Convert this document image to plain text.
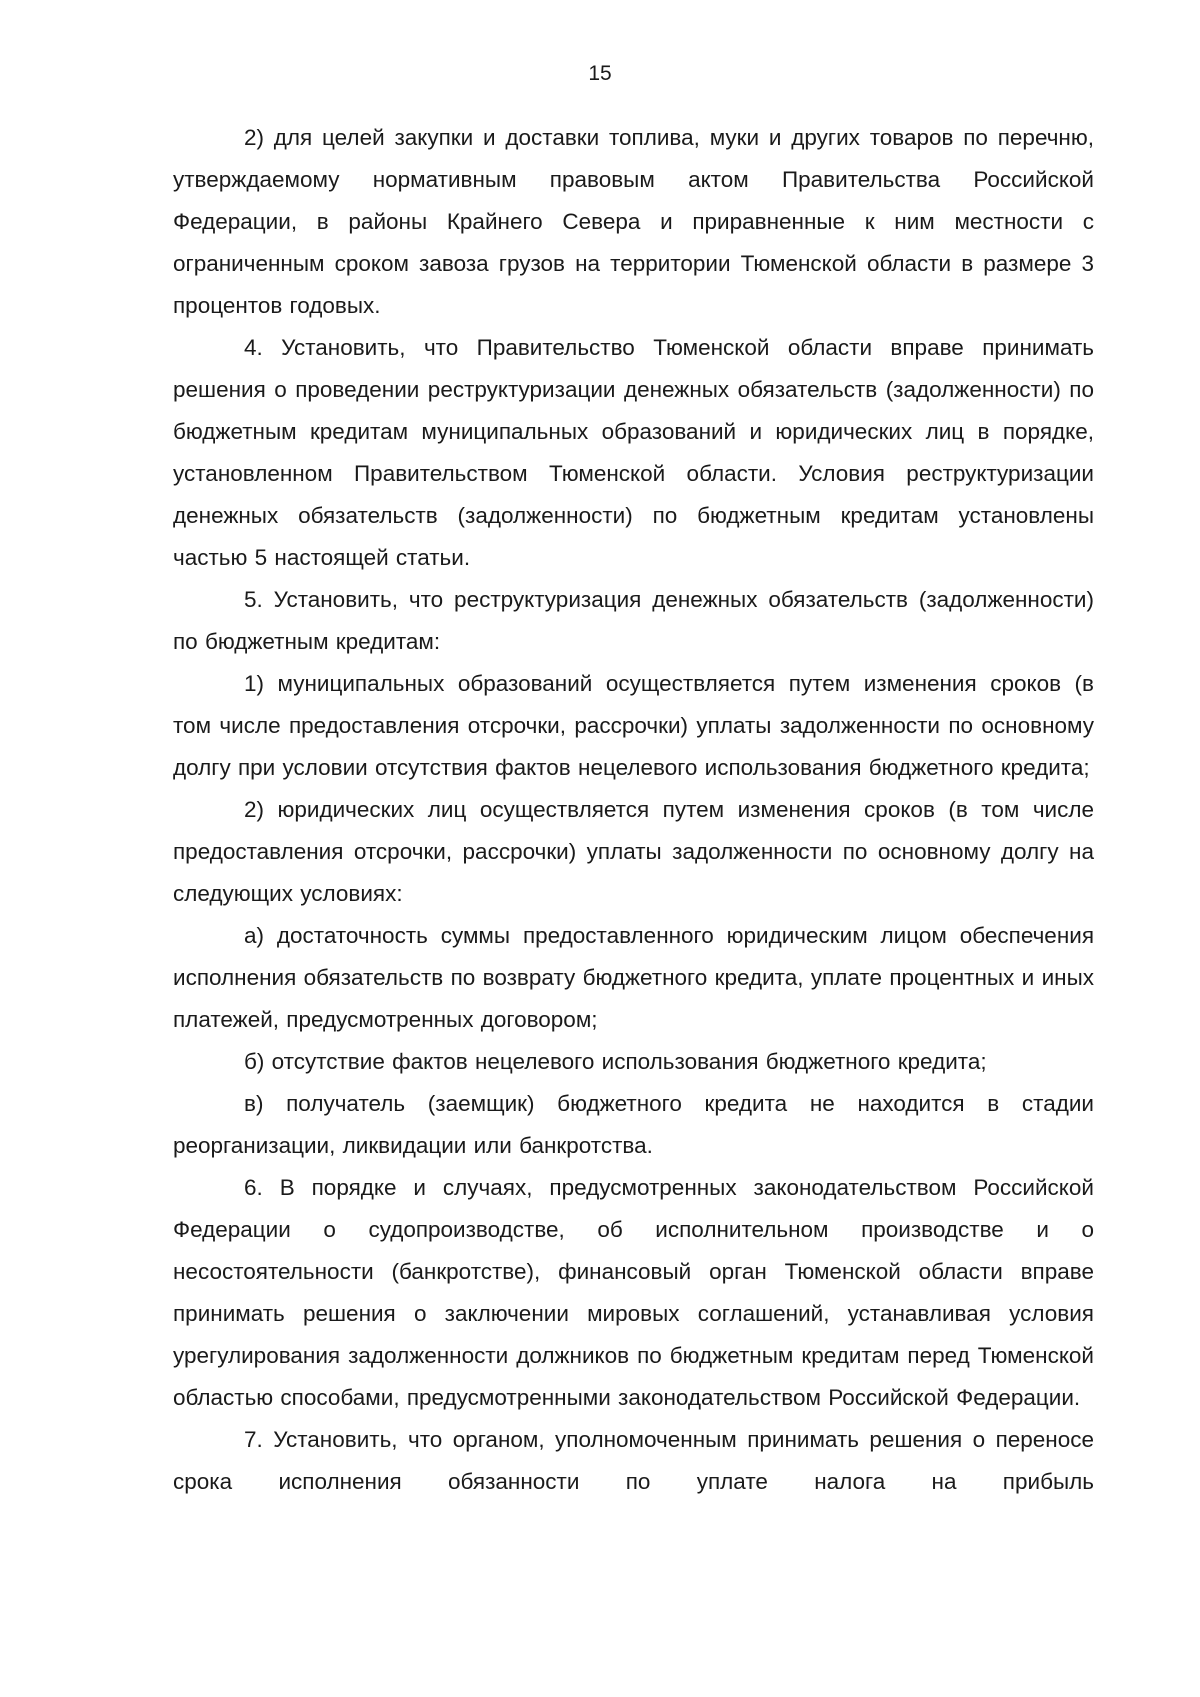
15

2) для целей закупки и доставки топлива, муки и других товаров по перечню, утверждаемому нормативным правовым актом Правительства Российской Федерации, в районы Крайнего Севера и приравненные к ним местности с ограниченным сроком завоза грузов на территории Тюменской области в размере 3 процентов годовых.

4. Установить, что Правительство Тюменской области вправе принимать решения о проведении реструктуризации денежных обязательств (задолженности) по бюджетным кредитам муниципальных образований и юридических лиц в порядке, установленном Правительством Тюменской области. Условия реструктуризации денежных обязательств (задолженности) по бюджетным кредитам установлены частью 5 настоящей статьи.

5. Установить, что реструктуризация денежных обязательств (задолженности) по бюджетным кредитам:

1) муниципальных образований осуществляется путем изменения сроков (в том числе предоставления отсрочки, рассрочки) уплаты задолженности по основному долгу при условии отсутствия фактов нецелевого использования бюджетного кредита;

2) юридических лиц осуществляется путем изменения сроков (в том числе предоставления отсрочки, рассрочки) уплаты задолженности по основному долгу на следующих условиях:

а) достаточность суммы предоставленного юридическим лицом обеспечения исполнения обязательств по возврату бюджетного кредита, уплате процентных и иных платежей, предусмотренных договором;

б) отсутствие фактов нецелевого использования бюджетного кредита;

в) получатель (заемщик) бюджетного кредита не находится в стадии реорганизации, ликвидации или банкротства.

6. В порядке и случаях, предусмотренных законодательством Российской Федерации о судопроизводстве, об исполнительном производстве и о несостоятельности (банкротстве), финансовый орган Тюменской области вправе принимать решения о заключении мировых соглашений, устанавливая условия урегулирования задолженности должников по бюджетным кредитам перед Тюменской областью способами, предусмотренными законодательством Российской Федерации.

7. Установить, что органом, уполномоченным принимать решения о переносе срока исполнения обязанности по уплате налога на прибыль
